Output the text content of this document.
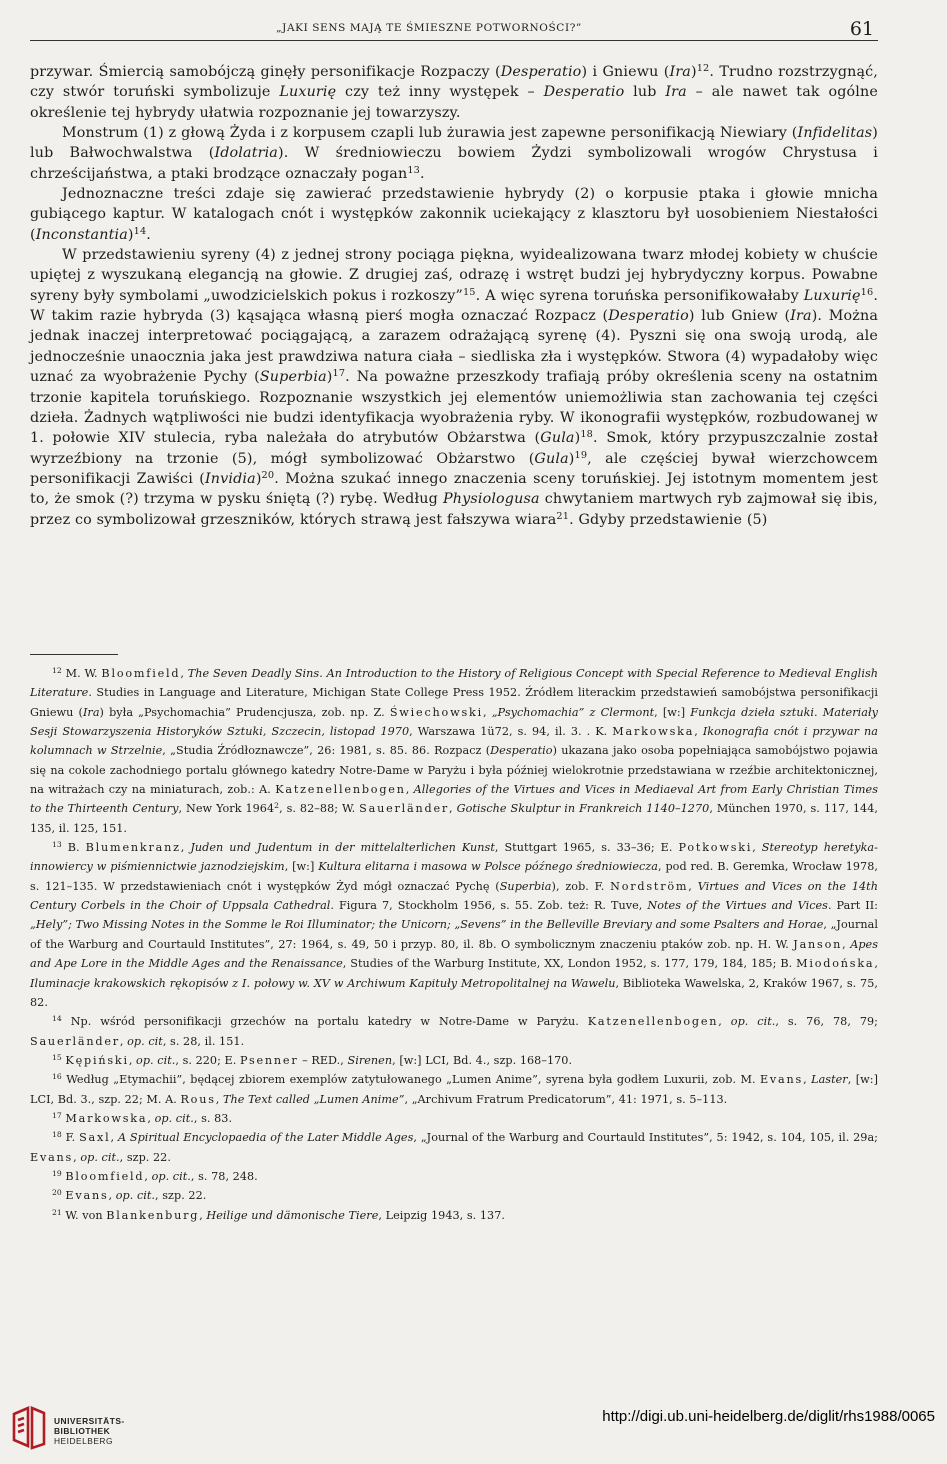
„JAKI SENS MAJĄ TE ŚMIESZNE POTWORNOŚCI?”	61

przywar. Śmiercią samobójczą ginęły personifikacje Rozpaczy (Desperatio) i Gniewu (Ira)$^{12}$. Trudno rozstrzygnąć, czy stwór toruński symbolizuje Luxurię czy też inny występek – Desperatio lub Ira – ale nawet tak ogólne określenie tej hybrydy ułatwia rozpoznanie jej towarzyszy.

Monstrum (1) z głową Żyda i z korpusem czapli lub żurawia jest zapewne personifikacją Niewiary (Infidelitas) lub Bałwochwalstwa (Idolatria). W średniowieczu bowiem Żydzi symbolizowali wrogów Chrystusa i chrześcijaństwa, a ptaki brodzące oznaczały pogan$^{13}$.

Jednoznaczne treści zdaje się zawierać przedstawienie hybrydy (2) o korpusie ptaka i głowie mnicha gubiącego kaptur. W katalogach cnót i występków zakonnik uciekający z klasztoru był uosobieniem Niestałości (Inconstantia)$^{14}$.

W przedstawieniu syreny (4) z jednej strony pociąga piękna, wyidealizowana twarz młodej kobiety w chuście upiętej z wyszukaną elegancją na głowie. Z drugiej zaś, odrazę i wstręt budzi jej hybrydyczny korpus. Powabne syreny były symbolami „uwodzicielskich pokus i rozkoszy”$^{15}$. A więc syrena toruńska personifikowałaby Luxurię$^{16}$. W takim razie hybryda (3) kąsająca własną pierś mogła oznaczać Rozpacz (Desperatio) lub Gniew (Ira). Można jednak inaczej interpretować pociągającą, a zarazem odrażającą syrenę (4). Pyszni się ona swoją urodą, ale jednocześnie unaocznia jaka jest prawdziwa natura ciała – siedliska zła i występków. Stwora (4) wypadałoby więc uznać za wyobrażenie Pychy (Superbia)$^{17}$. Na poważne przeszkody trafiają próby określenia sceny na ostatnim trzonie kapitela toruńskiego. Rozpoznanie wszystkich jej elementów uniemożliwia stan zachowania tej części dzieła. Żadnych wątpliwości nie budzi identyfikacja wyobrażenia ryby. W ikonografii występków, rozbudowanej w 1. połowie XIV stulecia, ryba należała do atrybutów Obżarstwa (Gula)$^{18}$. Smok, który przypuszczalnie został wyrzeźbiony na trzonie (5), mógł symbolizować Obżarstwo (Gula)$^{19}$, ale częściej bywał wierzchowcem personifikacji Zawiści (Invidia)$^{20}$. Można szukać innego znaczenia sceny toruńskiej. Jej istotnym momentem jest to, że smok (?) trzyma w pysku śniętą (?) rybę. Według Physiologusa chwytaniem martwych ryb zajmował się ibis, przez co symbolizował grzeszników, których strawą jest fałszywa wiara$^{21}$. Gdyby przedstawienie (5)

$^{12}$ M. W. Bloomfield, The Seven Deadly Sins. An Introduction to the History of Religious Concept with Special Reference to Medieval English Literature. Studies in Language and Literature, Michigan State College Press 1952. Źródłem literackim przedstawień samobójstwa personifikacji Gniewu (Ira) była „Psychomachia” Prudencjusza, zob. np. Z. Świechowski, „Psychomachia” z Clermont, [w:] Funkcja dzieła sztuki. Materiały Sesji Stowarzyszenia Historyków Sztuki, Szczecin, listopad 1970, Warszawa 1ü72, s. 94, il. 3. . K. Markowska, Ikonografia cnót i przywar na kolumnach w Strzelnie, „Studia Źródłoznawcze”, 26: 1981, s. 85. 86. Rozpacz (Desperatio) ukazana jako osoba popełniająca samobójstwo pojawia się na cokole zachodniego portalu głównego katedry Notre-Dame w Paryżu i była później wielokrotnie przedstawiana w rzeźbie architektonicznej, na witrażach czy na miniaturach, zob.: A. Katzenellenbogen, Allegories of the Virtues and Vices in Mediaeval Art from Early Christian Times to the Thirteenth Century, New York 1964$^2$, s. 82–88; W. Sauerländer, Gotische Skulptur in Frankreich 1140–1270, München 1970, s. 117, 144, 135, il. 125, 151.

$^{13}$ B. Blumenkranz, Juden und Judentum in der mittelalterlichen Kunst, Stuttgart 1965, s. 33–36; E. Potkowski, Stereotyp heretyka-innowiercy w piśmiennictwie jaznodziejskim, [w:] Kultura elitarna i masowa w Polsce późnego średniowiecza, pod red. B. Geremka, Wrocław 1978, s. 121–135. W przedstawieniach cnót i występków Żyd mógł oznaczać Pychę (Superbia), zob. F. Nordström, Virtues and Vices on the 14th Century Corbels in the Choir of Uppsala Cathedral. Figura 7, Stockholm 1956, s. 55. Zob. też: R. Tuve, Notes of the Virtues and Vices. Part II: „Hely”; Two Missing Notes in the Somme le Roi Illuminator; the Unicorn; „Sevens” in the Belleville Breviary and some Psalters and Horae, „Journal of the Warburg and Courtauld Institutes”, 27: 1964, s. 49, 50 i przyp. 80, il. 8b. O symbolicznym znaczeniu ptaków zob. np. H. W. Janson, Apes and Ape Lore in the Middle Ages and the Renaissance, Studies of the Warburg Institute, XX, London 1952, s. 177, 179, 184, 185; B. Miodońska, Iluminacje krakowskich rękopisów z I. połowy w. XV w Archiwum Kapituły Metropolitalnej na Wawelu, Biblioteka Wawelska, 2, Kraków 1967, s. 75, 82.

$^{14}$ Np. wśród personifikacji grzechów na portalu katedry w Notre-Dame w Paryżu. Katzenellenbogen, op. cit., s. 76, 78, 79; Sauerländer, op. cit, s. 28, il. 151.

$^{15}$ Kępiński, op. cit., s. 220; E. Psenner – RED., Sirenen, [w:] LCI, Bd. 4., szp. 168–170.

$^{16}$ Według „Etymachii”, będącej zbiorem exemplów zatytułowanego „Lumen Anime”, syrena była godłem Luxurii, zob. M. Evans, Laster, [w:] LCI, Bd. 3., szp. 22; M. A. Rous, The Text called „Lumen Anime”, „Archivum Fratrum Predicatorum”, 41: 1971, s. 5–113.

$^{17}$ Markowska, op. cit., s. 83.

$^{18}$ F. Saxl, A Spiritual Encyclopaedia of the Later Middle Ages, „Journal of the Warburg and Courtauld Institutes”, 5: 1942, s. 104, 105, il. 29a; Evans, op. cit., szp. 22.

$^{19}$ Bloomfield, op. cit., s. 78, 248.

$^{20}$ Evans, op. cit., szp. 22.

$^{21}$ W. von Blankenburg, Heilige und dämonische Tiere, Leipzig 1943, s. 137.

UNIVERSITÄTS-
BIBLIOTHEK
HEIDELBERG
http://digi.ub.uni-heidelberg.de/diglit/rhs1988/0065
